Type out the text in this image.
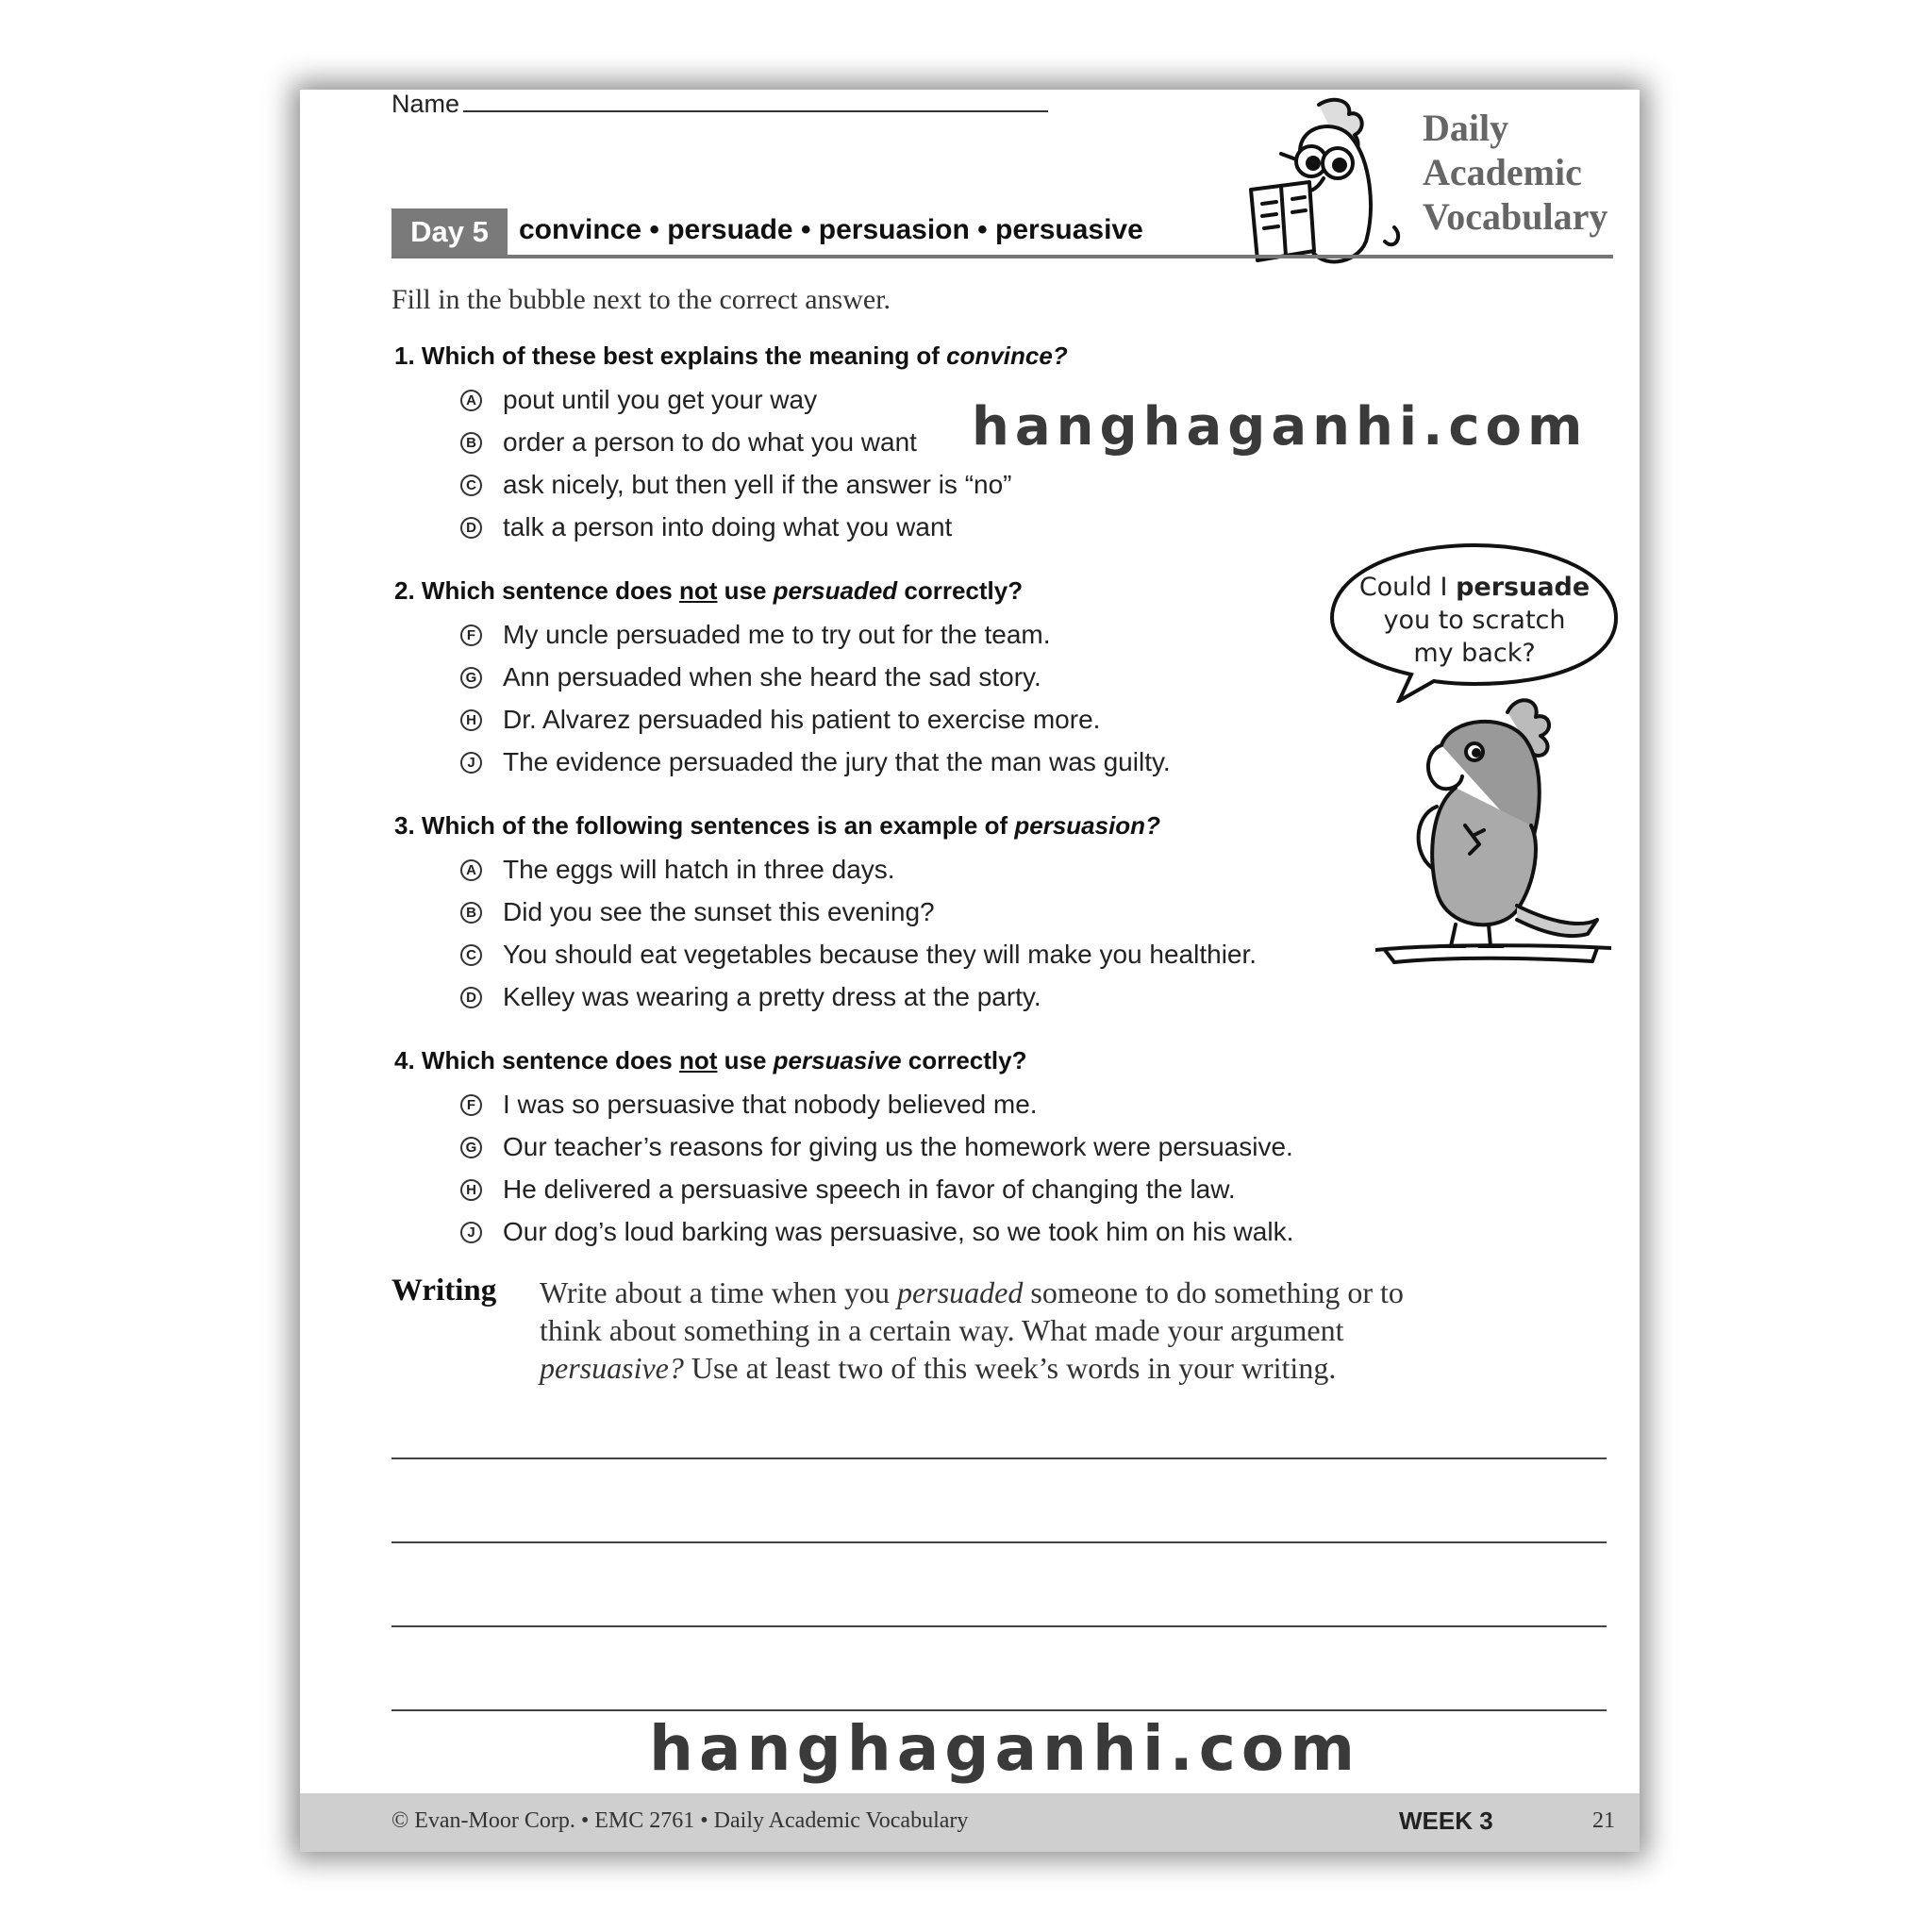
Name
Daily
Academic
Vocabulary
Day 5	convince • persuade • persuasion • persuasive
Fill in the bubble next to the correct answer.
1. Which of these best explains the meaning of convince?
A pout until you get your way
B order a person to do what you want
C ask nicely, but then yell if the answer is “no”
D talk a person into doing what you want
2. Which sentence does not use persuaded correctly?
F My uncle persuaded me to try out for the team.
G Ann persuaded when she heard the sad story.
H Dr. Alvarez persuaded his patient to exercise more.
J The evidence persuaded the jury that the man was guilty.
3. Which of the following sentences is an example of persuasion?
A The eggs will hatch in three days.
B Did you see the sunset this evening?
C You should eat vegetables because they will make you healthier.
D Kelley was wearing a pretty dress at the party.
4. Which sentence does not use persuasive correctly?
F I was so persuasive that nobody believed me.
G Our teacher’s reasons for giving us the homework were persuasive.
H He delivered a persuasive speech in favor of changing the law.
J Our dog’s loud barking was persuasive, so we took him on his walk.
Could I persuade
you to scratch
my back?
Writing Write about a time when you persuaded someone to do something or to think about something in a certain way. What made your argument persuasive? Use at least two of this week’s words in your writing.
© Evan-Moor Corp. • EMC 2761 • Daily Academic Vocabulary	WEEK 3	21
hanghaganhi.com
hanghaganhi.com
